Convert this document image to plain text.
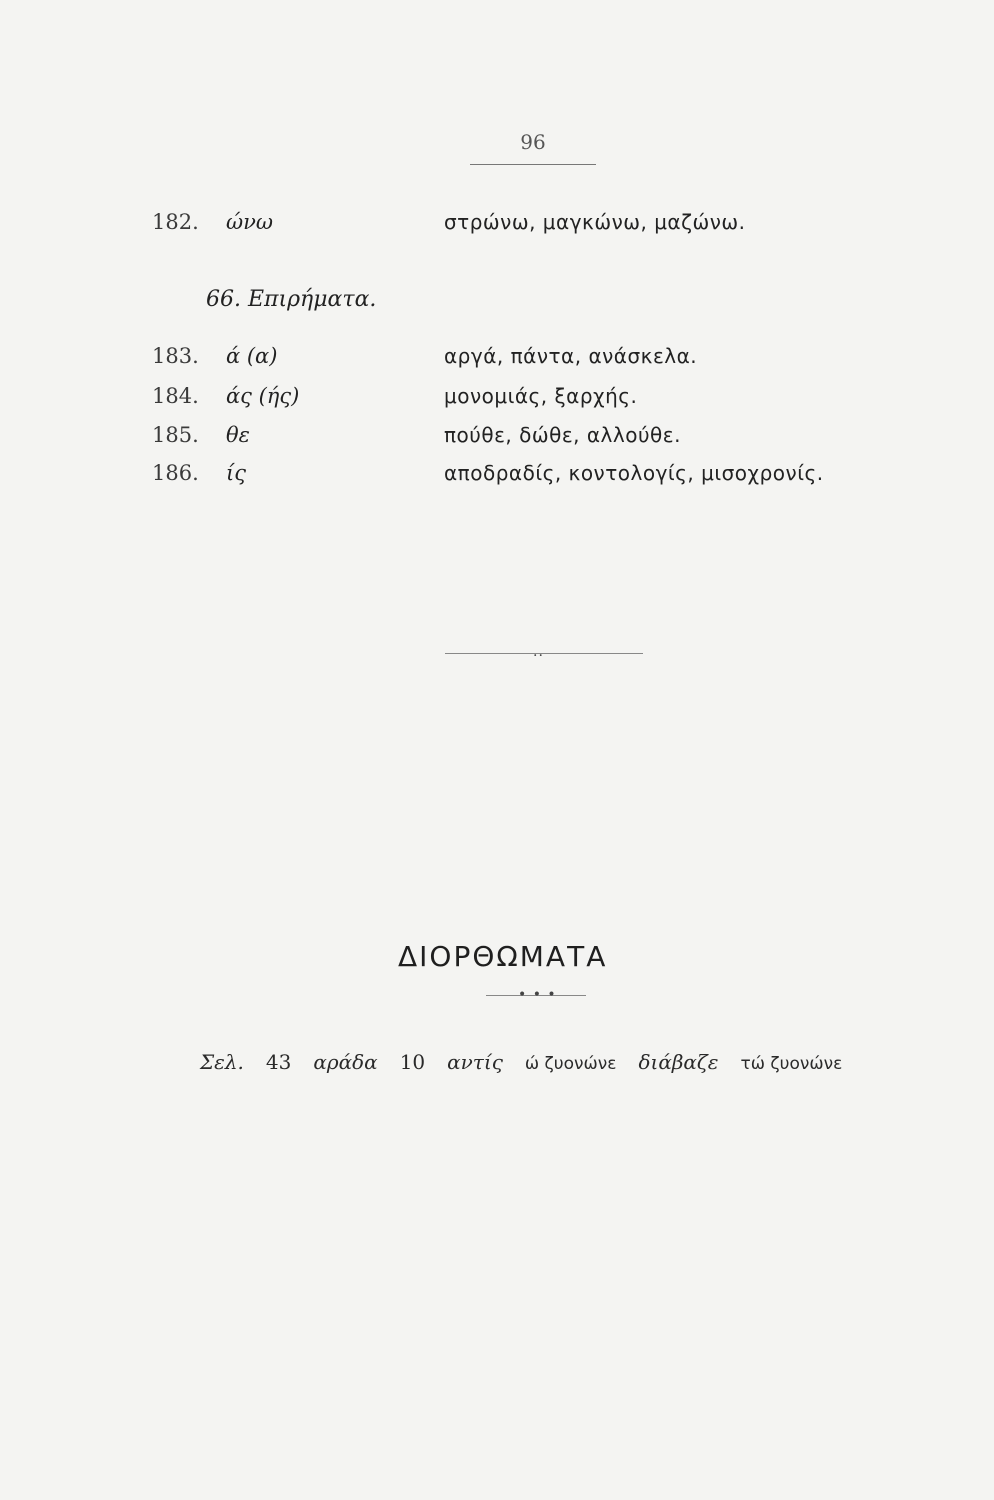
96
182. ώνω	στρώνω, μαγκώνω, μαζώνω.
66. Επιρήματα.
183. ά (α)	αργά, πάντα, ανάσκελα.
184. άς (ής)	μονομιάς, ξαρχής.
185. θε	πούθε, δώθε, αλλούθε.
186. ίς	αποδραδίς, κοντολογίς, μισοχρονίς.
..
ΔΙΟΡΘΩΜΑΤΑ
• • •
Σελ. 43 αράδα 10 αντίς ώ ζυονώνε διάβαζε τώ ζυονώνε
